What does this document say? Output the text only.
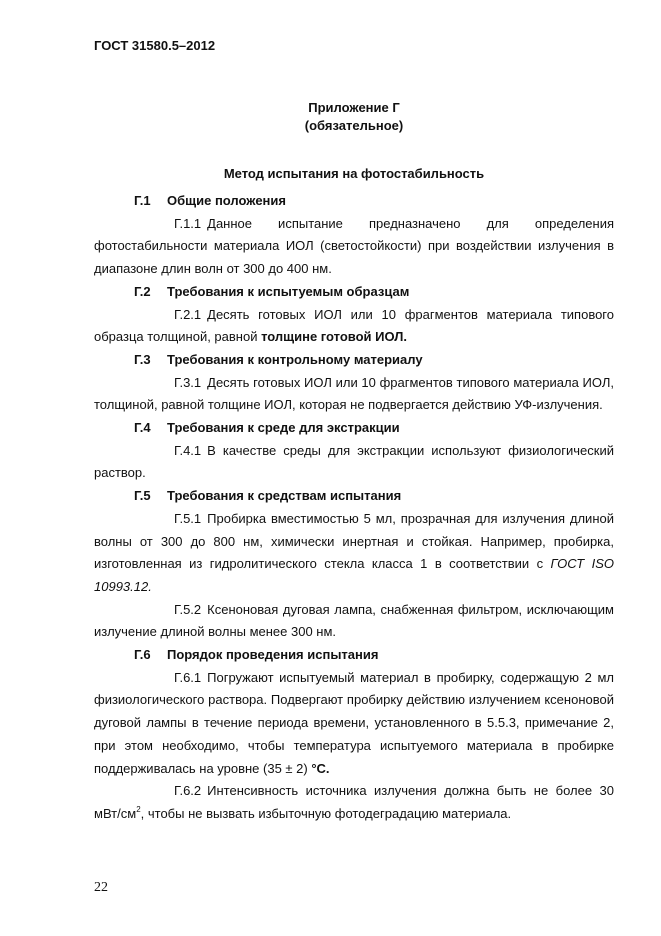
ГОСТ 31580.5–2012
Приложение Г
(обязательное)
Метод испытания на фотостабильность
Г.1 Общие положения
Г.1.1 Данное испытание предназначено для определения фотостабильности материала ИОЛ (светостойкости) при воздействии излучения в диапазоне длин волн от 300 до 400 нм.
Г.2 Требования к испытуемым образцам
Г.2.1 Десять готовых ИОЛ или 10 фрагментов материала типового образца толщиной, равной толщине готовой ИОЛ.
Г.3 Требования к контрольному материалу
Г.3.1 Десять готовых ИОЛ или 10 фрагментов типового материала ИОЛ, толщиной, равной толщине ИОЛ, которая не подвергается действию УФ-излучения.
Г.4 Требования к среде для экстракции
Г.4.1 В качестве среды для экстракции используют физиологический раствор.
Г.5 Требования к средствам испытания
Г.5.1 Пробирка вместимостью 5 мл, прозрачная для излучения длиной волны от 300 до 800 нм, химически инертная и стойкая. Например, пробирка, изготовленная из гидролитического стекла класса 1 в соответствии с ГОСТ ISO 10993.12.
Г.5.2 Ксеноновая дуговая лампа, снабженная фильтром, исключающим излучение длиной волны менее 300 нм.
Г.6 Порядок проведения испытания
Г.6.1 Погружают испытуемый материал в пробирку, содержащую 2 мл физиологического раствора. Подвергают пробирку действию излучением ксеноновой дуговой лампы в течение периода времени, установленного в 5.5.3, примечание 2, при этом необходимо, чтобы температура испытуемого материала в пробирке поддерживалась на уровне (35 ± 2) °С.
Г.6.2 Интенсивность источника излучения должна быть не более 30 мВт/$см^2$, чтобы не вызвать избыточную фотодеградацию материала.
22
